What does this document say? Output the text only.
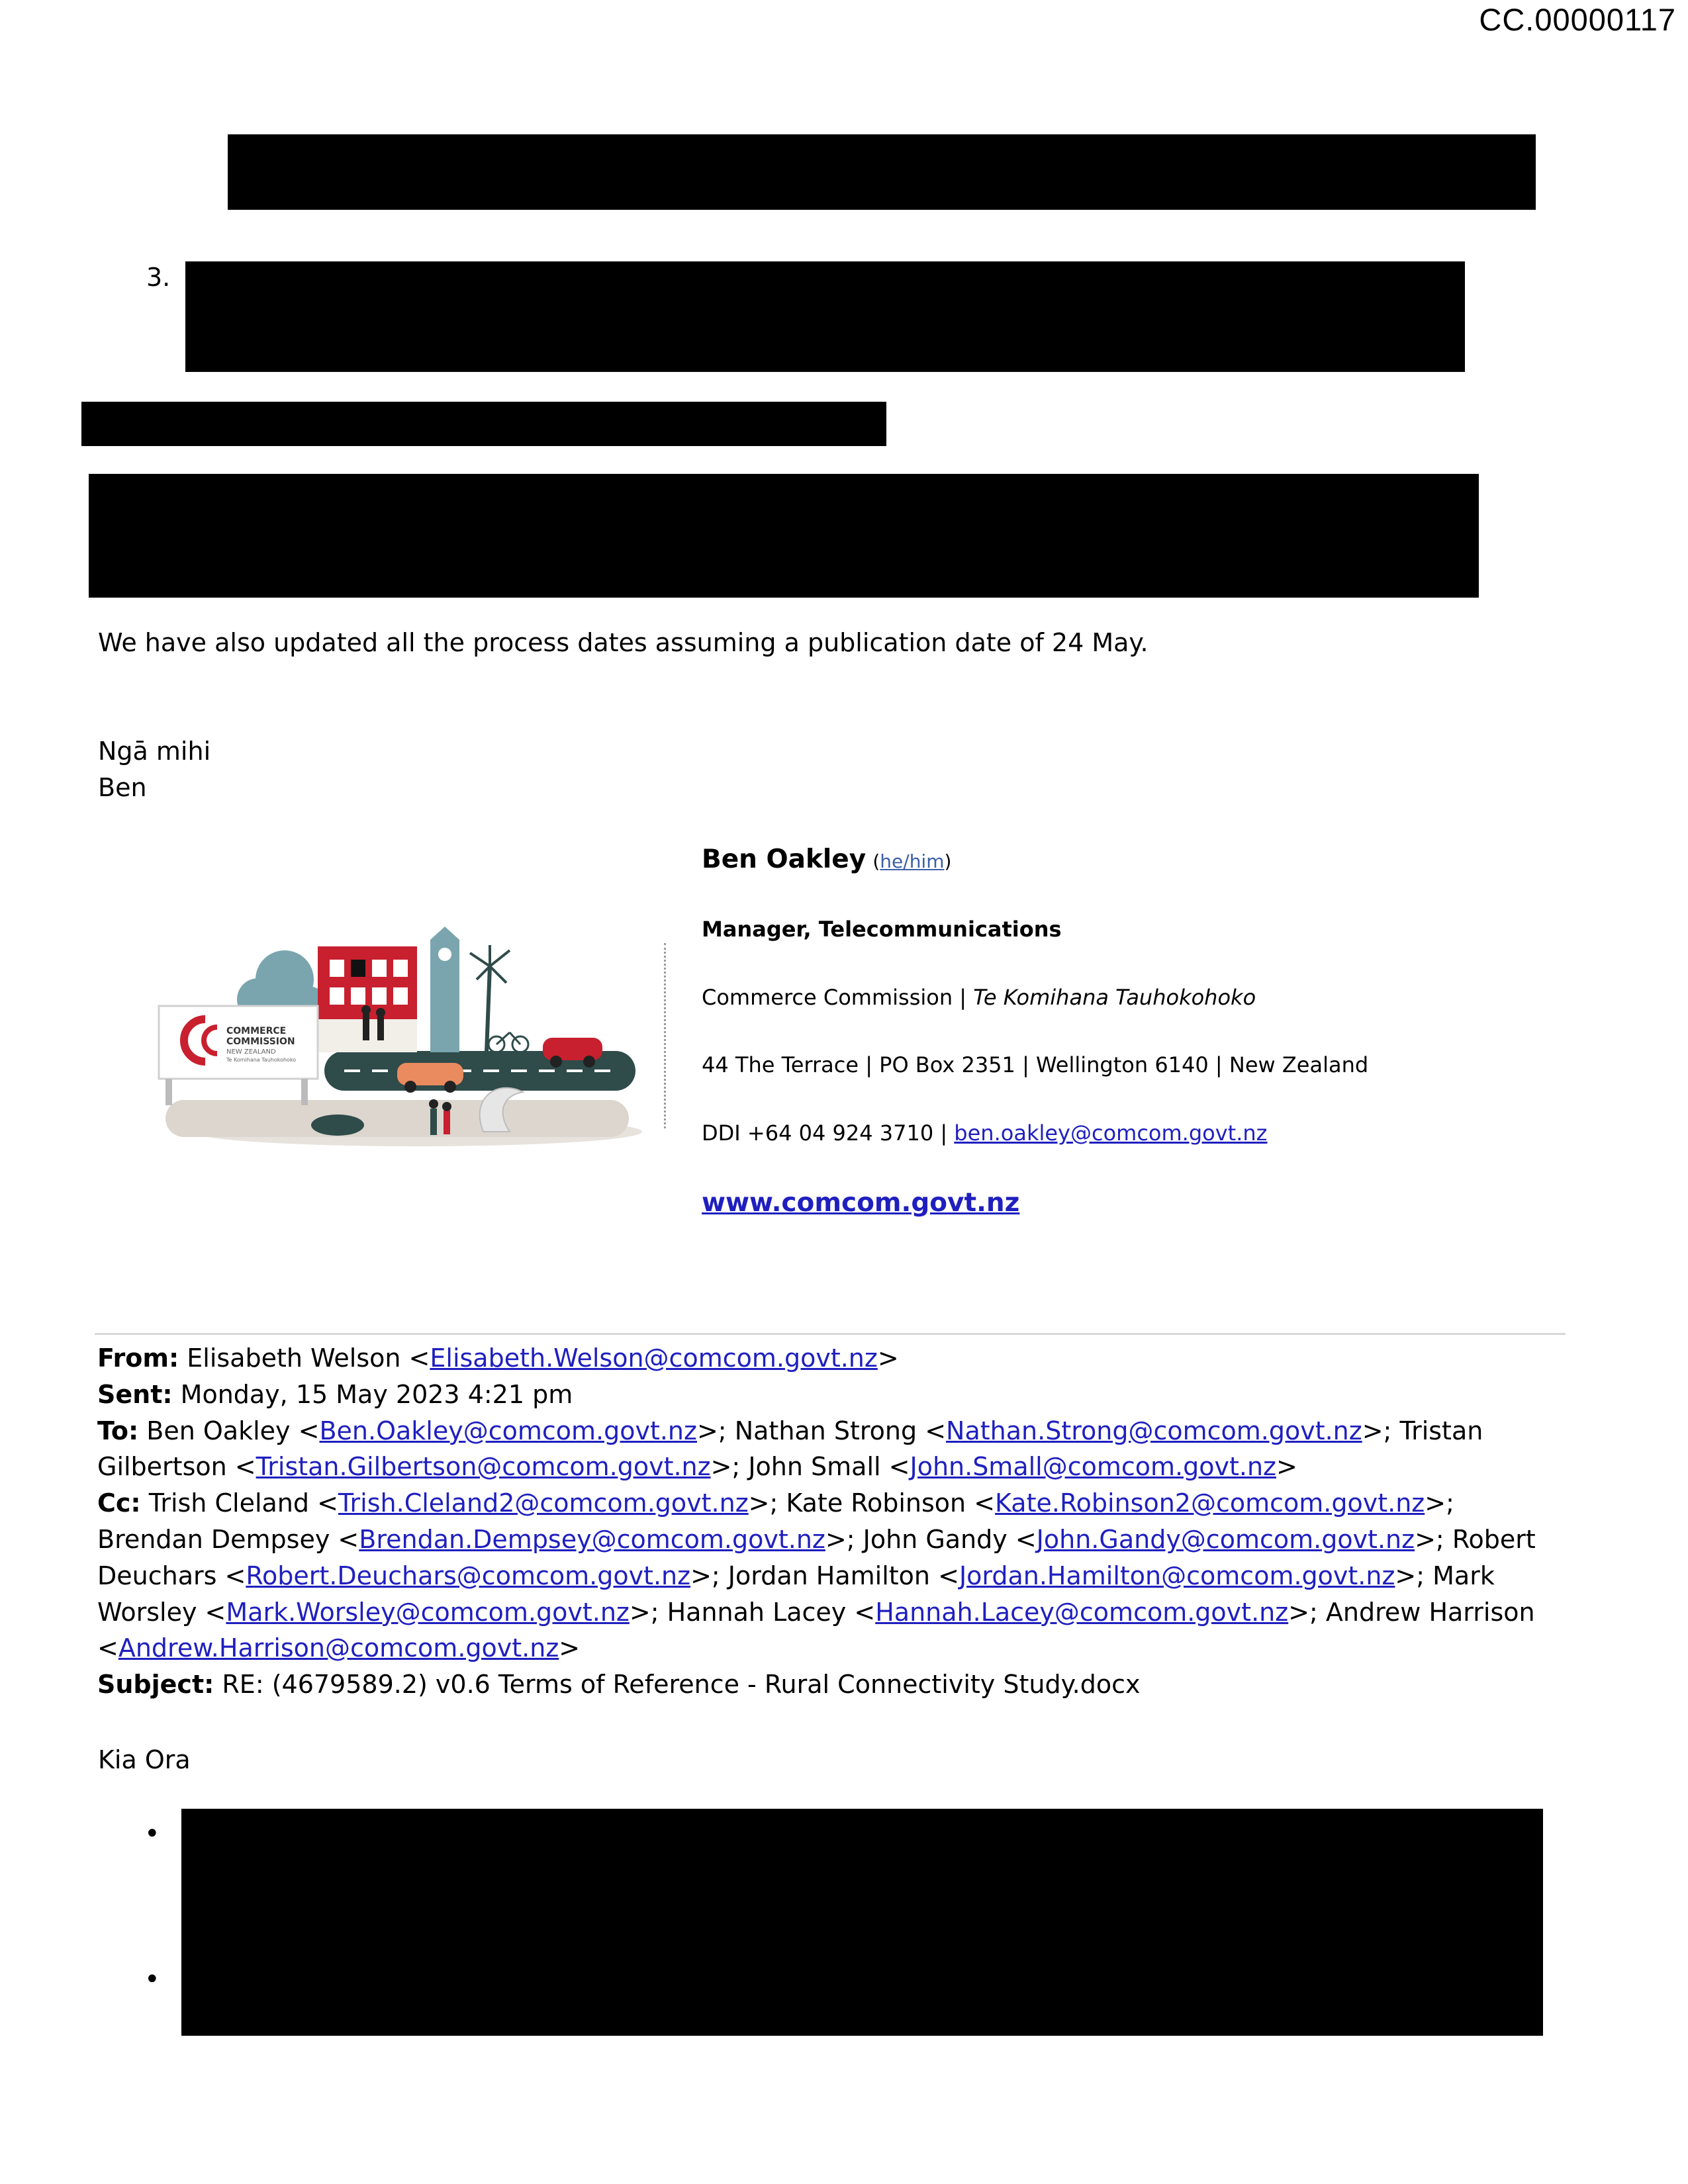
CC.00000117
3.
We have also updated all the process dates assuming a publication date of 24 May.
Ngā mihi
Ben
COMMERCE
COMMISSION
NEW ZEALAND
Te Komihana Tauhokohoko
Ben Oakley (he/him)
Manager, Telecommunications
Commerce Commission | Te Komihana Tauhokohoko
44 The Terrace | PO Box 2351 | Wellington 6140 | New Zealand
DDI +64 04 924 3710 | ben.oakley@comcom.govt.nz
www.comcom.govt.nz
From: Elisabeth Welson <Elisabeth.Welson@comcom.govt.nz>
Sent: Monday, 15 May 2023 4:21 pm
To: Ben Oakley <Ben.Oakley@comcom.govt.nz>; Nathan Strong <Nathan.Strong@comcom.govt.nz>; Tristan Gilbertson <Tristan.Gilbertson@comcom.govt.nz>; John Small <John.Small@comcom.govt.nz>
Cc: Trish Cleland <Trish.Cleland2@comcom.govt.nz>; Kate Robinson <Kate.Robinson2@comcom.govt.nz>; Brendan Dempsey <Brendan.Dempsey@comcom.govt.nz>; John Gandy <John.Gandy@comcom.govt.nz>; Robert Deuchars <Robert.Deuchars@comcom.govt.nz>; Jordan Hamilton <Jordan.Hamilton@comcom.govt.nz>; Mark Worsley <Mark.Worsley@comcom.govt.nz>; Hannah Lacey <Hannah.Lacey@comcom.govt.nz>; Andrew Harrison <Andrew.Harrison@comcom.govt.nz>
Subject: RE: (4679589.2) v0.6 Terms of Reference - Rural Connectivity Study.docx
Kia Ora
•
•
